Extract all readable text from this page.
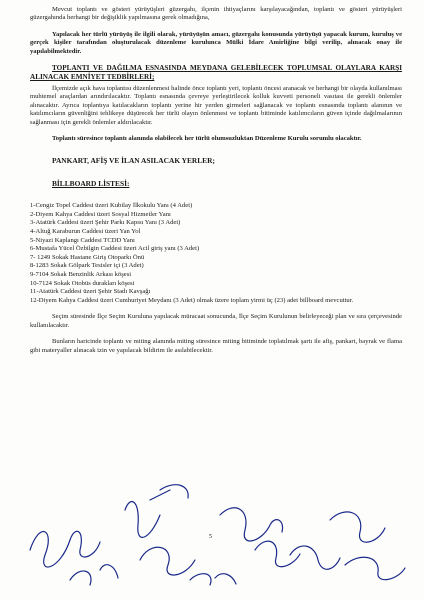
Mevcut toplantı ve gösteri yürüyüşleri güzergahı, ilçenin ihtiyaçlarını karşılayacağından, toplantı ve gösteri yürüyüşleri güzergahında herhangi bir değişiklik yapılmasına gerek olmadığına,

Yapılacak her türlü yürüyüş ile ilgili olarak, yürüyüşün amacı, güzergahı konusunda yürüyüşü yapacak kurum, kuruluş ve gerçek kişiler tarafından oluşturulacak düzenleme kurulunca Mülki İdare Amirliğine bilgi verilip, alınacak onay ile yapılabilmektedir.

TOPLANTI VE DAĞILMA ESNASINDA MEYDANA GELEBİLECEK TOPLUMSAL OLAYLARA KARŞI ALINACAK EMNİYET TEDBİRLERİ;

İlçemizde açık hava toplantısı düzenlenmesi halinde önce toplantı yeri, toplantı öncesi aranacak ve herhangi bir olayda kullanılması muhtemel araçlardan arındırılacaktır. Toplantı esnasında çevreye yerleştirilecek kolluk kuvveti personeli vasıtası ile gerekli önlemler alınacaktır. Ayrıca toplantıya katılacakların toplantı yerine hir yerden girmeleri sağlanacak ve toplantı esnasında toplantı alanının ve katılımcıların güvenliğini tehlikeye düşürecek her türlü olayın önlenmesi ve toplantı bitiminde katılımcıların güven içinde dağılmalarının sağlanması için gerekli önlemler aldırılacaktır.

Toplantı süresince toplantı alanında olabilecek her türlü olumsuzluktan Düzenleme Kurulu sorumlu olacaktır.

PANKART, AFİŞ VE İLAN ASILACAK YERLER;
BİLLBOARD LİSTESİ:
1-Cengiz Topel Caddesi üzeri Kubilay İlkokulu Yanı (4 Adet)
2-Diyem Kahya Caddesi üzeri Sosyal Hizmetler Yanı
3-Atatürk Caddesi üzeri Şehir Parkı Kapısı Yanı (3 Adet)
4-Altuğ Karaburun Caddesi üzeri Yan Yol
5-Niyazi Kaplangı Caddesi TCDD Yanı
6-Mustafa Yücel Özbilgin Caddesi üzeri Acil giriş yanı (3 Adet)
7- 1249 Sokak Hastane Giriş Otoparkı Önü
8-1283 Sokak Gölpark Tesisler içi (3 Adet)
9-7104 Sokak Benzinlik Arkası köşesi
10-7124 Sokak Otobüs durakları köşesi
11-Atatürk Caddesi üzeri Şehir Stadı Kavşağı
12-Diyem Kahya Caddesi üzeri Cumhuriyet Meydanı (3 Adet) olmak üzere toplam yirmi üç (23) adet billboard mevcuttur.

Seçim süresinde İlçe Seçim Kuruluna yapılacak müracaat sonucunda, İlçe Seçim Kurulunun belirleyeceği plan ve sıra çerçevesinde kullanılacaktır.

Bunların haricinde toplantı ve miting alanında miting süresince miting bitiminde toplatılmak şartı ile afiş, pankart, bayrak ve flama gibi materyaller alınacak izin ve yapılacak bildirim ile asılabilecektir.

5
